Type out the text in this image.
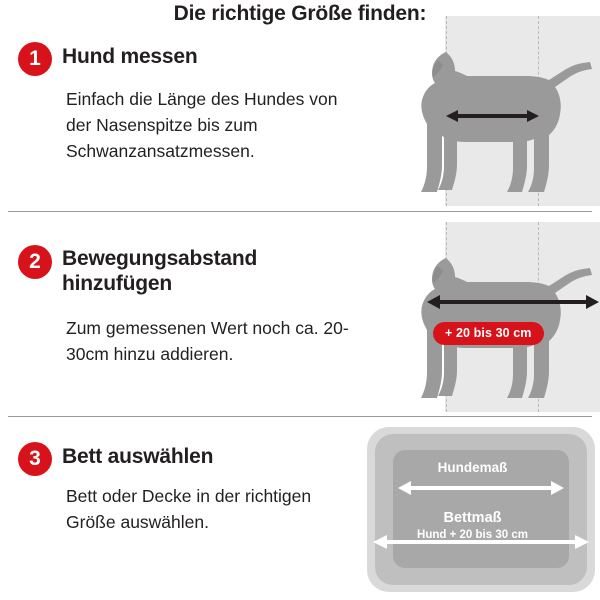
Die richtige Größe finden:
1	Hund messen
Einfach die Länge des Hundes von der Nasenspitze bis zum Schwanzansatzmessen.
2	Bewegungsabstand hinzufügen
Zum gemessenen Wert noch ca. 20-30cm hinzu addieren.
+ 20 bis 30 cm
3	Bett auswählen
Bett oder Decke in der richtigen Größe auswählen.
Hundemaß
Bettmaß
Hund + 20 bis 30 cm
